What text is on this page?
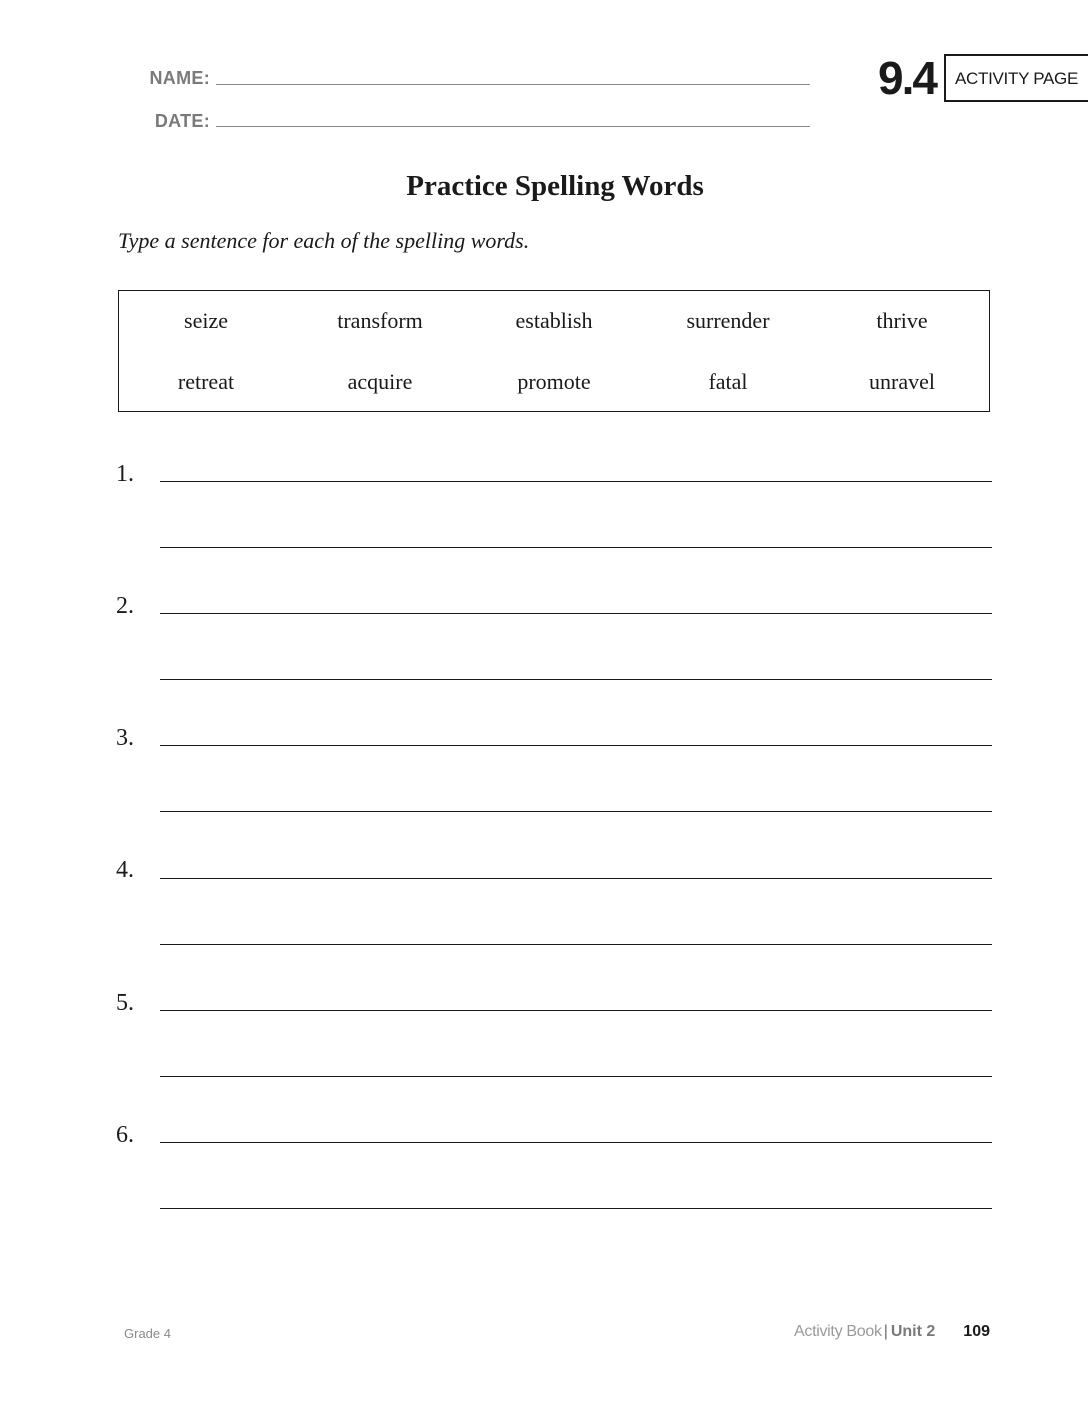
NAME:
DATE:
9.4	ACTIVITY PAGE
Practice Spelling Words
Type a sentence for each of the spelling words.
seize	transform	establish	surrender	thrive
retreat	acquire	promote	fatal	unravel
1.
2.
3.
4.
5.
6.
Grade 4	Activity Book | Unit 2 109
